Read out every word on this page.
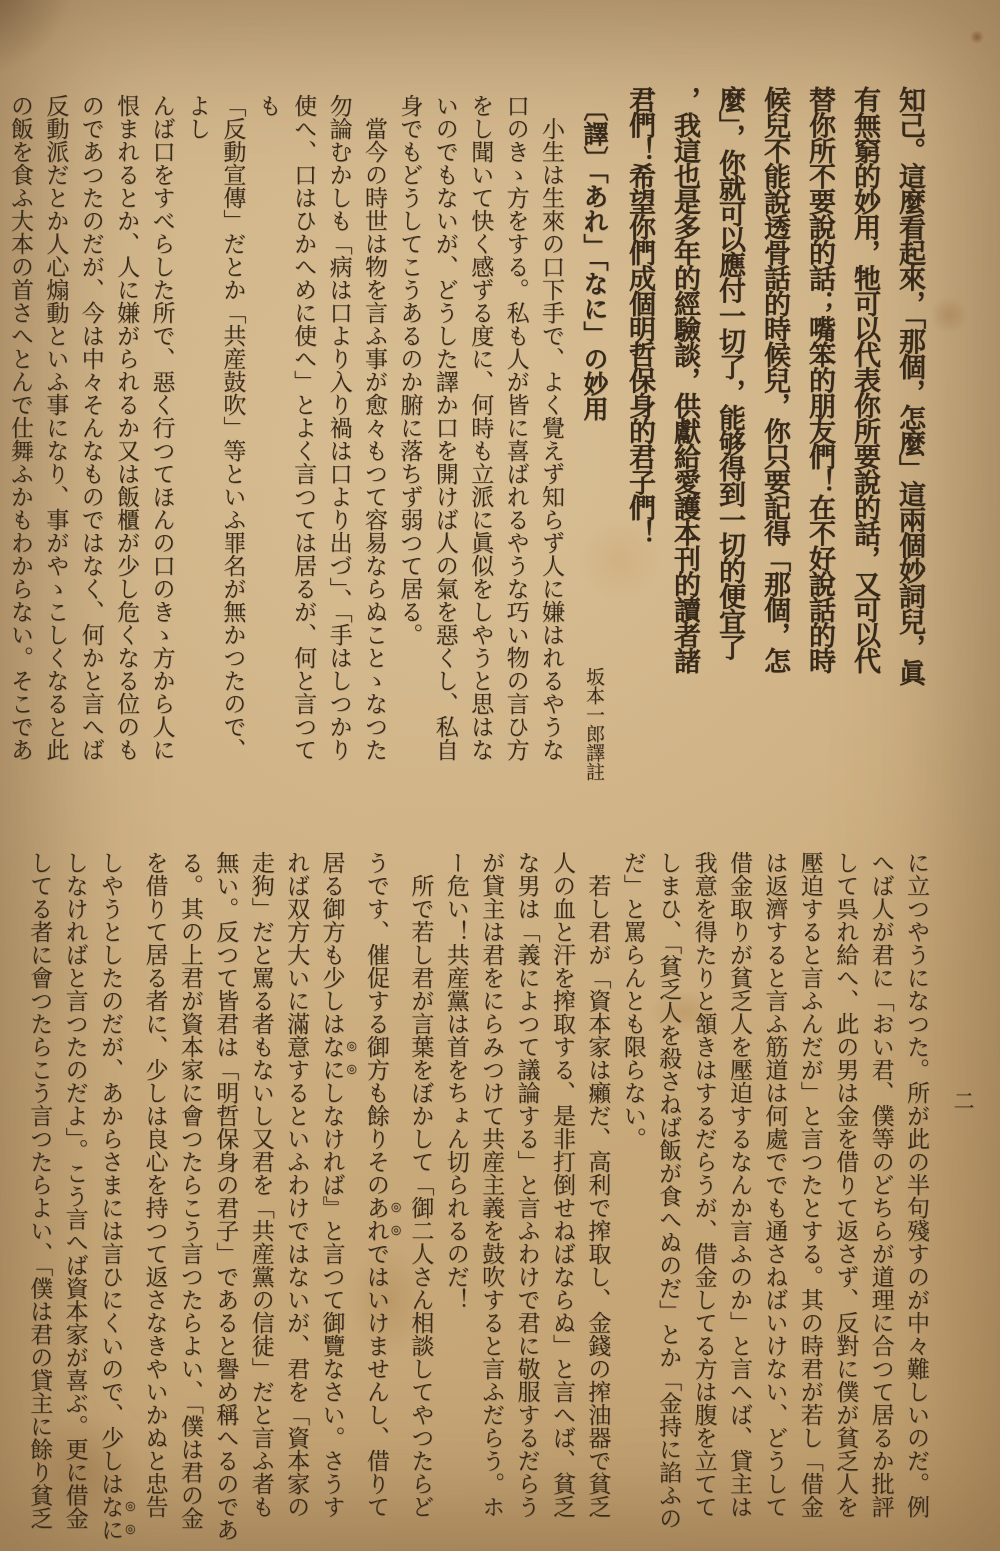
知己。這麼看起來，「那個，怎麼」這兩個妙詞兒，眞

有無窮的妙用，牠可以代表你所要說的話，又可以代

替你所不要說的話；嘴笨的朋友們！在不好說話的時

候兒不能說透骨話的時候兒，你只要記得「那個，怎

麼」，你就可以應付一切了，能够得到一切的便宜了

，我這也是多年的經驗談，供獻給愛護本刊的讀者諸

君們！希望你們成個明哲保身的君子們！

〔譯〕「あれ」「なに」の妙用
坂本一郎譯註

小生は生來の口下手で、よく覺えず知らず人に嫌はれるやうな

口のきゝ方をする。私も人が皆に喜ばれるやうな巧い物の言ひ方

をし聞いて快く感ずる度に、何時も立派に眞似をしやうと思はな

いのでもないが、どうした譯か口を開けば人の氣を惡くし、私自

身でもどうしてこうあるのか腑に落ちず弱つて居る。

當今の時世は物を言ふ事が愈々もつて容易ならぬことゝなつた

勿論むかしも「病は口より入り禍は口より出づ」、「手はしつかり

使へ、口はひかへめに使へ」とよく言つては居るが、何と言つても

「反動宣傳」だとか「共産鼓吹」等といふ罪名が無かつたので、よし

んば口をすべらした所で、惡く行つてほんの口のきゝ方から人に

恨まれるとか、人に嫌がられるか又は飯櫃が少し危くなる位のも

のであつたのだが、今は中々そんなものではなく、何かと言へば

反動派だとか人心煽動といふ事になり、事がやゝこしくなると此

の飯を食ふ大本の首さへとんで仕舞ふかもわからない。そこであ

に立つやうになつた。所が此の半句殘すのが中々難しいのだ。例

へば人が君に「おい君、僕等のどちらが道理に合つて居るか批評

して呉れ給へ、此の男は金を借りて返さず、反對に僕が貧乏人を

壓迫すると言ふんだが」と言つたとする。其の時君が若し「借金

は返濟すると言ふ筋道は何處ででも通さねばいけない、どうして

借金取りが貧乏人を壓迫するなんか言ふのか」と言へば、貸主は

我意を得たりと頷きはするだらうが、借金してる方は腹を立てて

しまひ、「貧乏人を殺さねば飯が食へぬのだ」とか「金持に諂ふの

だ」と罵らんとも限らない。

若し君が「資本家は癩だ、高利で搾取し、金錢の搾油器で貧乏

人の血と汗を搾取する、是非打倒せねばならぬ」と言へば、貧乏

な男は「義によつて議論する」と言ふわけで君に敬服するだらう

が貸主は君をにらみつけて共産主義を鼓吹すると言ふだらう。ホ

ー危い！共産黨は首をちょん切られるのだ！

所で若し君が言葉をぼかして「御二人さん相談してやつたらど

うです、催促する御方も餘りそのあれではいけませんし、借りて

居る御方も少しはなにしなければ』と言つて御覽なさい。さうす

れば双方大いに滿意するといふわけではないが、君を「資本家の

走狗」だと罵る者もないし又君を「共産黨の信徒」だと言ふ者も

無い。反つて皆君は「明哲保身の君子」であると譽め稱へるのであ

る。其の上君が資本家に會つたらこう言つたらよい、「僕は君の金

を借りて居る者に、少しは良心を持つて返さなきやいかぬと忠告

しやうとしたのだが、あからさまには言ひにくいので、少しはなに

しなければと言つたのだよ」。こう言へば資本家が喜ぶ。更に借金

してる者に會つたらこう言つたらよい、「僕は君の貸主に餘り貧乏	二
